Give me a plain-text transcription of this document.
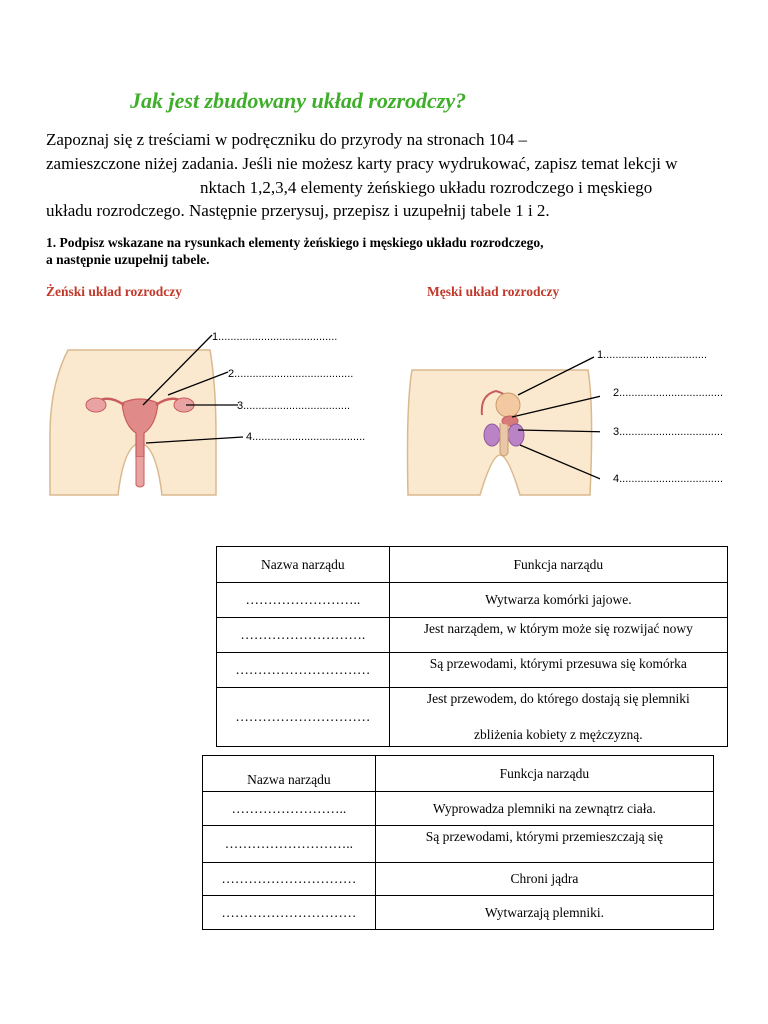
Jak jest zbudowany układ rozrodczy?
Zapoznaj się z treściami w podręczniku do przyrody na stronach 104 –
zamieszczone niżej zadania. Jeśli nie możesz karty pracy wydrukować, zapisz temat lekcji w
nktach 1,2,3,4 elementy żeńskiego układu rozrodczego i męskiego
układu rozrodczego. Następnie przerysuj, przepisz i uzupełnij tabele 1 i 2.
1. Podpisz wskazane na rysunkach elementy żeńskiego i męskiego układu rozrodczego,
a następnie uzupełnij tabele.
Żeński układ rozrodczy	Męski układ rozrodczy
1.......................................
2.......................................
3...................................
4.....................................
1..................................
2..................................
3..................................
4..................................
Nazwa narządu	Funkcja narządu
……………………..	Wytwarza komórki jajowe.
……………………….	Jest narządem, w którym może się rozwijać nowy
…………………………	Są przewodami, którymi przesuwa się komórka
…………………………	Jest przewodem, do którego dostają się plemniki
zbliżenia kobiety z mężczyzną.
Nazwa narządu	Funkcja narządu
……………………..	Wyprowadza plemniki na zewnątrz ciała.
………………………..	Są przewodami, którymi przemieszczają się
…………………………	Chroni jądra
…………………………	Wytwarzają plemniki.
